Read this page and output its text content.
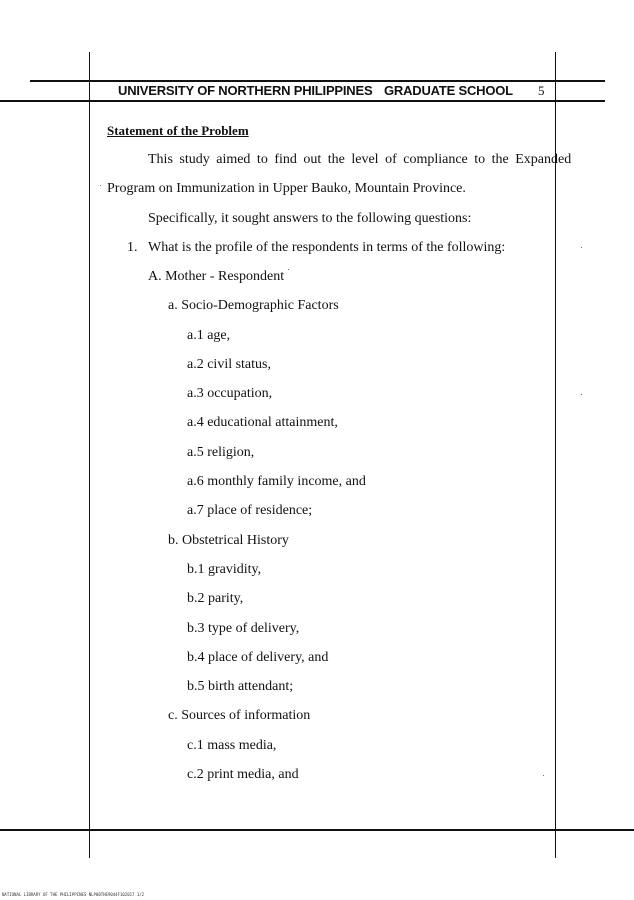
UNIVERSITY OF NORTHERN PHILIPPINES GRADUATE SCHOOL 5
Statement of the Problem
This study aimed to find out the level of compliance to the Expanded
Program on Immunization in Upper Bauko, Mountain Province.
Specifically, it sought answers to the following questions:
1. What is the profile of the respondents in terms of the following:
A. Mother - Respondent
a. Socio-Demographic Factors
a.1 age,
a.2 civil status,
a.3 occupation,
a.4 educational attainment,
a.5 religion,
a.6 monthly family income, and
a.7 place of residence;
b. Obstetrical History
b.1 gravidity,
b.2 parity,
b.3 type of delivery,
b.4 place of delivery, and
b.5 birth attendant;
c. Sources of information
c.1 mass media,
c.2 print media, and
NATIONAL LIBRARY OF THE PHILIPPINES NLP00THE9044F102017 1/2
